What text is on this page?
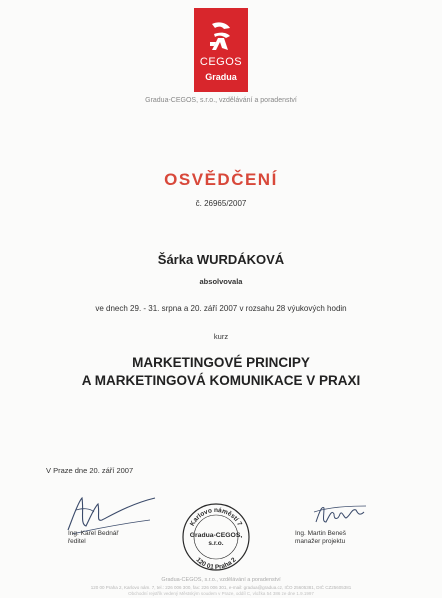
CEGOS
Gradua
Gradua-CEGOS, s.r.o., vzdělávání a poradenství
OSVĚDČENÍ
č. 26965/2007
Šárka WURDÁKOVÁ
absolvovala
ve dnech 29. - 31. srpna a 20. září 2007 v rozsahu 28 výukových hodin
kurz
MARKETINGOVÉ PRINCIPY
A MARKETINGOVÁ KOMUNIKACE V PRAXI
V Praze dne 20. září 2007
Ing. Karel Bednář
ředitel
Karlovo náměstí 7
Gradua-CEGOS,
s.r.o.
120 01 Praha 2
Ing. Martin Beneš
manažer projektu
Gradua-CEGOS, s.r.o., vzdělávání a poradenství
120 00 Praha 2, Karlovo nám. 7, tel.: 226 006 300, fax: 226 006 301, e-mail: gradua@gradua.cz, IČO 25605381, DIČ CZ25605381
Obchodní rejstřík vedený Městským soudem v Praze, oddíl C, vložka 54 386 ze dne 1.9.1997
